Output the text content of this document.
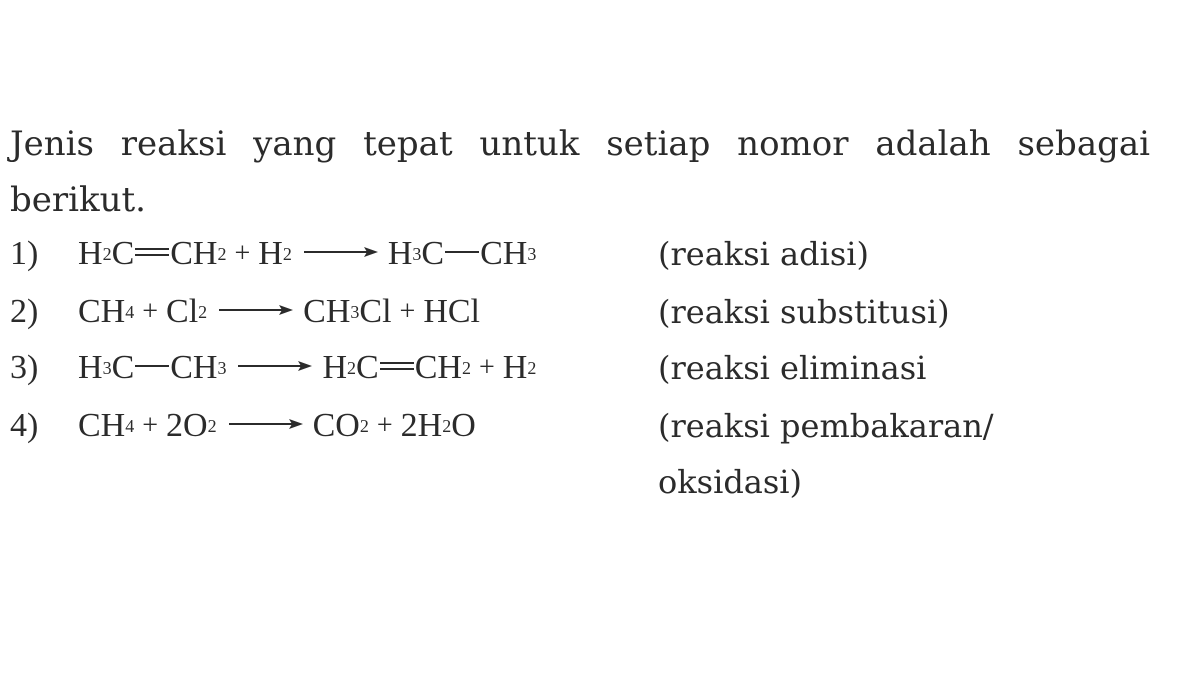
Jenis reaksi yang tepat untuk setiap nomor adalah sebagai berikut.

1) H 2 C CH 2 + H 2 → H 3 C CH 3	(reaksi adisi)
2) CH 4 + Cl 2 → CH 3 Cl + HCl	(reaksi substitusi)
3) H 3 C CH 3 → H 2 C CH 2 + H 2	(reaksi eliminasi
4) CH 4 + 2O 2 → CO 2 + 2H 2 O	(reaksi pembakaran/
oksidasi)
